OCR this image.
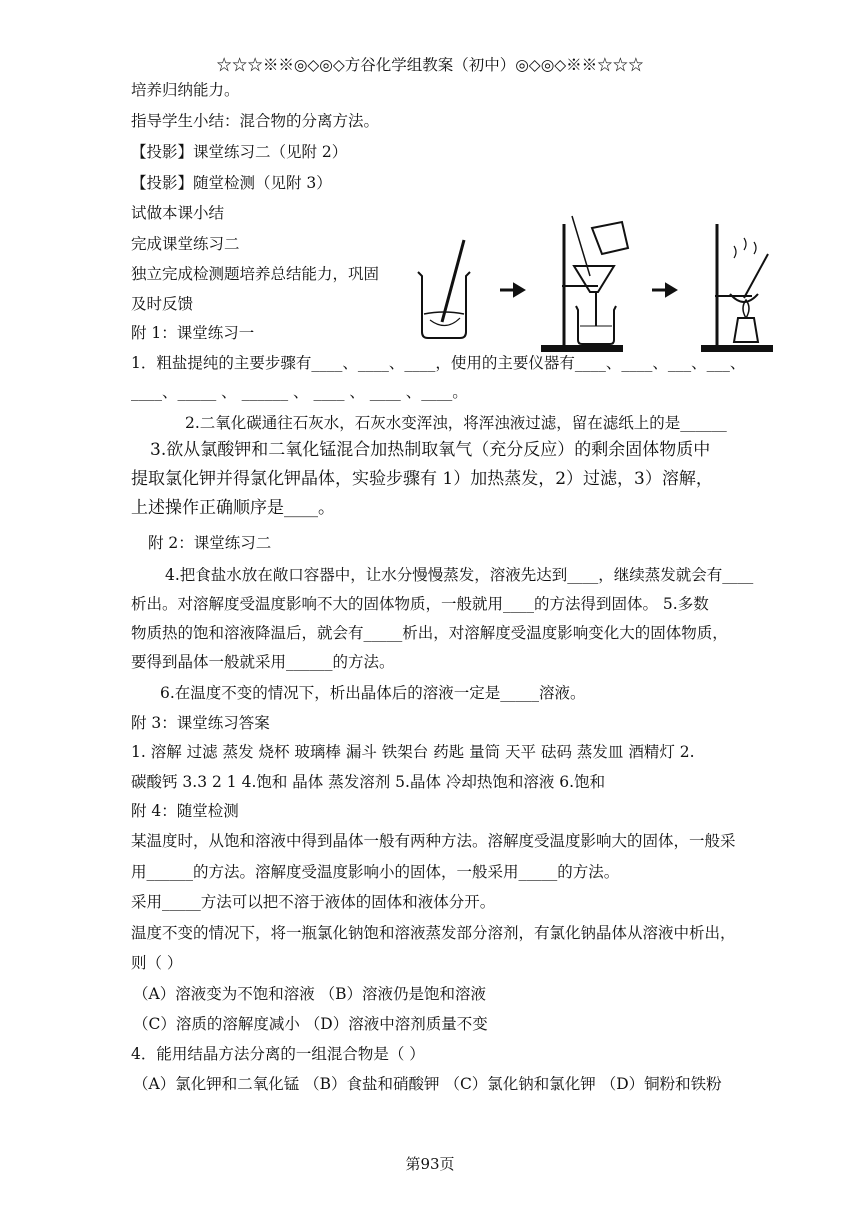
☆☆☆※※◎◇◎◇方谷化学组教案（初中）◎◇◎◇※※☆☆☆
培养归纳能力。
指导学生小结：混合物的分离方法。
【投影】课堂练习二（见附 2）
【投影】随堂检测（见附 3）
试做本课小结
完成课堂练习二
独立完成检测题培养总结能力，巩固
及时反馈
附 1：课堂练习一
1．粗盐提纯的主要步骤有____、____、____，使用的主要仪器有____、____、___、___、
____、_____ 、 ______ 、 ____ 、 ____ 、____。
2.二氧化碳通往石灰水，石灰水变浑浊，将浑浊液过滤，留在滤纸上的是______
3.欲从氯酸钾和二氧化锰混合加热制取氧气（充分反应）的剩余固体物质中
提取氯化钾并得氯化钾晶体，实验步骤有 1）加热蒸发，2）过滤，3）溶解，
上述操作正确顺序是____。
附 2：课堂练习二
4.把食盐水放在敞口容器中，让水分慢慢蒸发，溶液先达到____，继续蒸发就会有____
析出。对溶解度受温度影响不大的固体物质，一般就用____的方法得到固体。 5.多数
物质热的饱和溶液降温后，就会有_____析出，对溶解度受温度影响变化大的固体物质，
要得到晶体一般就采用______的方法。
6.在温度不变的情况下，析出晶体后的溶液一定是_____溶液。
附 3：课堂练习答案
1. 溶解 过滤 蒸发 烧杯 玻璃棒 漏斗 铁架台 药匙 量筒 天平 砝码 蒸发皿 酒精灯 2.
碳酸钙 3.3 2 1 4.饱和 晶体 蒸发溶剂 5.晶体 冷却热饱和溶液 6.饱和
附 4：随堂检测
某温度时，从饱和溶液中得到晶体一般有两种方法。溶解度受温度影响大的固体，一般采
用______的方法。溶解度受温度影响小的固体，一般采用_____的方法。
采用_____方法可以把不溶于液体的固体和液体分开。
温度不变的情况下，将一瓶氯化钠饱和溶液蒸发部分溶剂，有氯化钠晶体从溶液中析出，
则（ ）
（A）溶液变为不饱和溶液 （B）溶液仍是饱和溶液
（C）溶质的溶解度减小 （D）溶液中溶剂质量不变
4．能用结晶方法分离的一组混合物是（ ）
（A）氯化钾和二氧化锰 （B）食盐和硝酸钾 （C）氯化钠和氯化钾 （D）铜粉和铁粉
第93页
